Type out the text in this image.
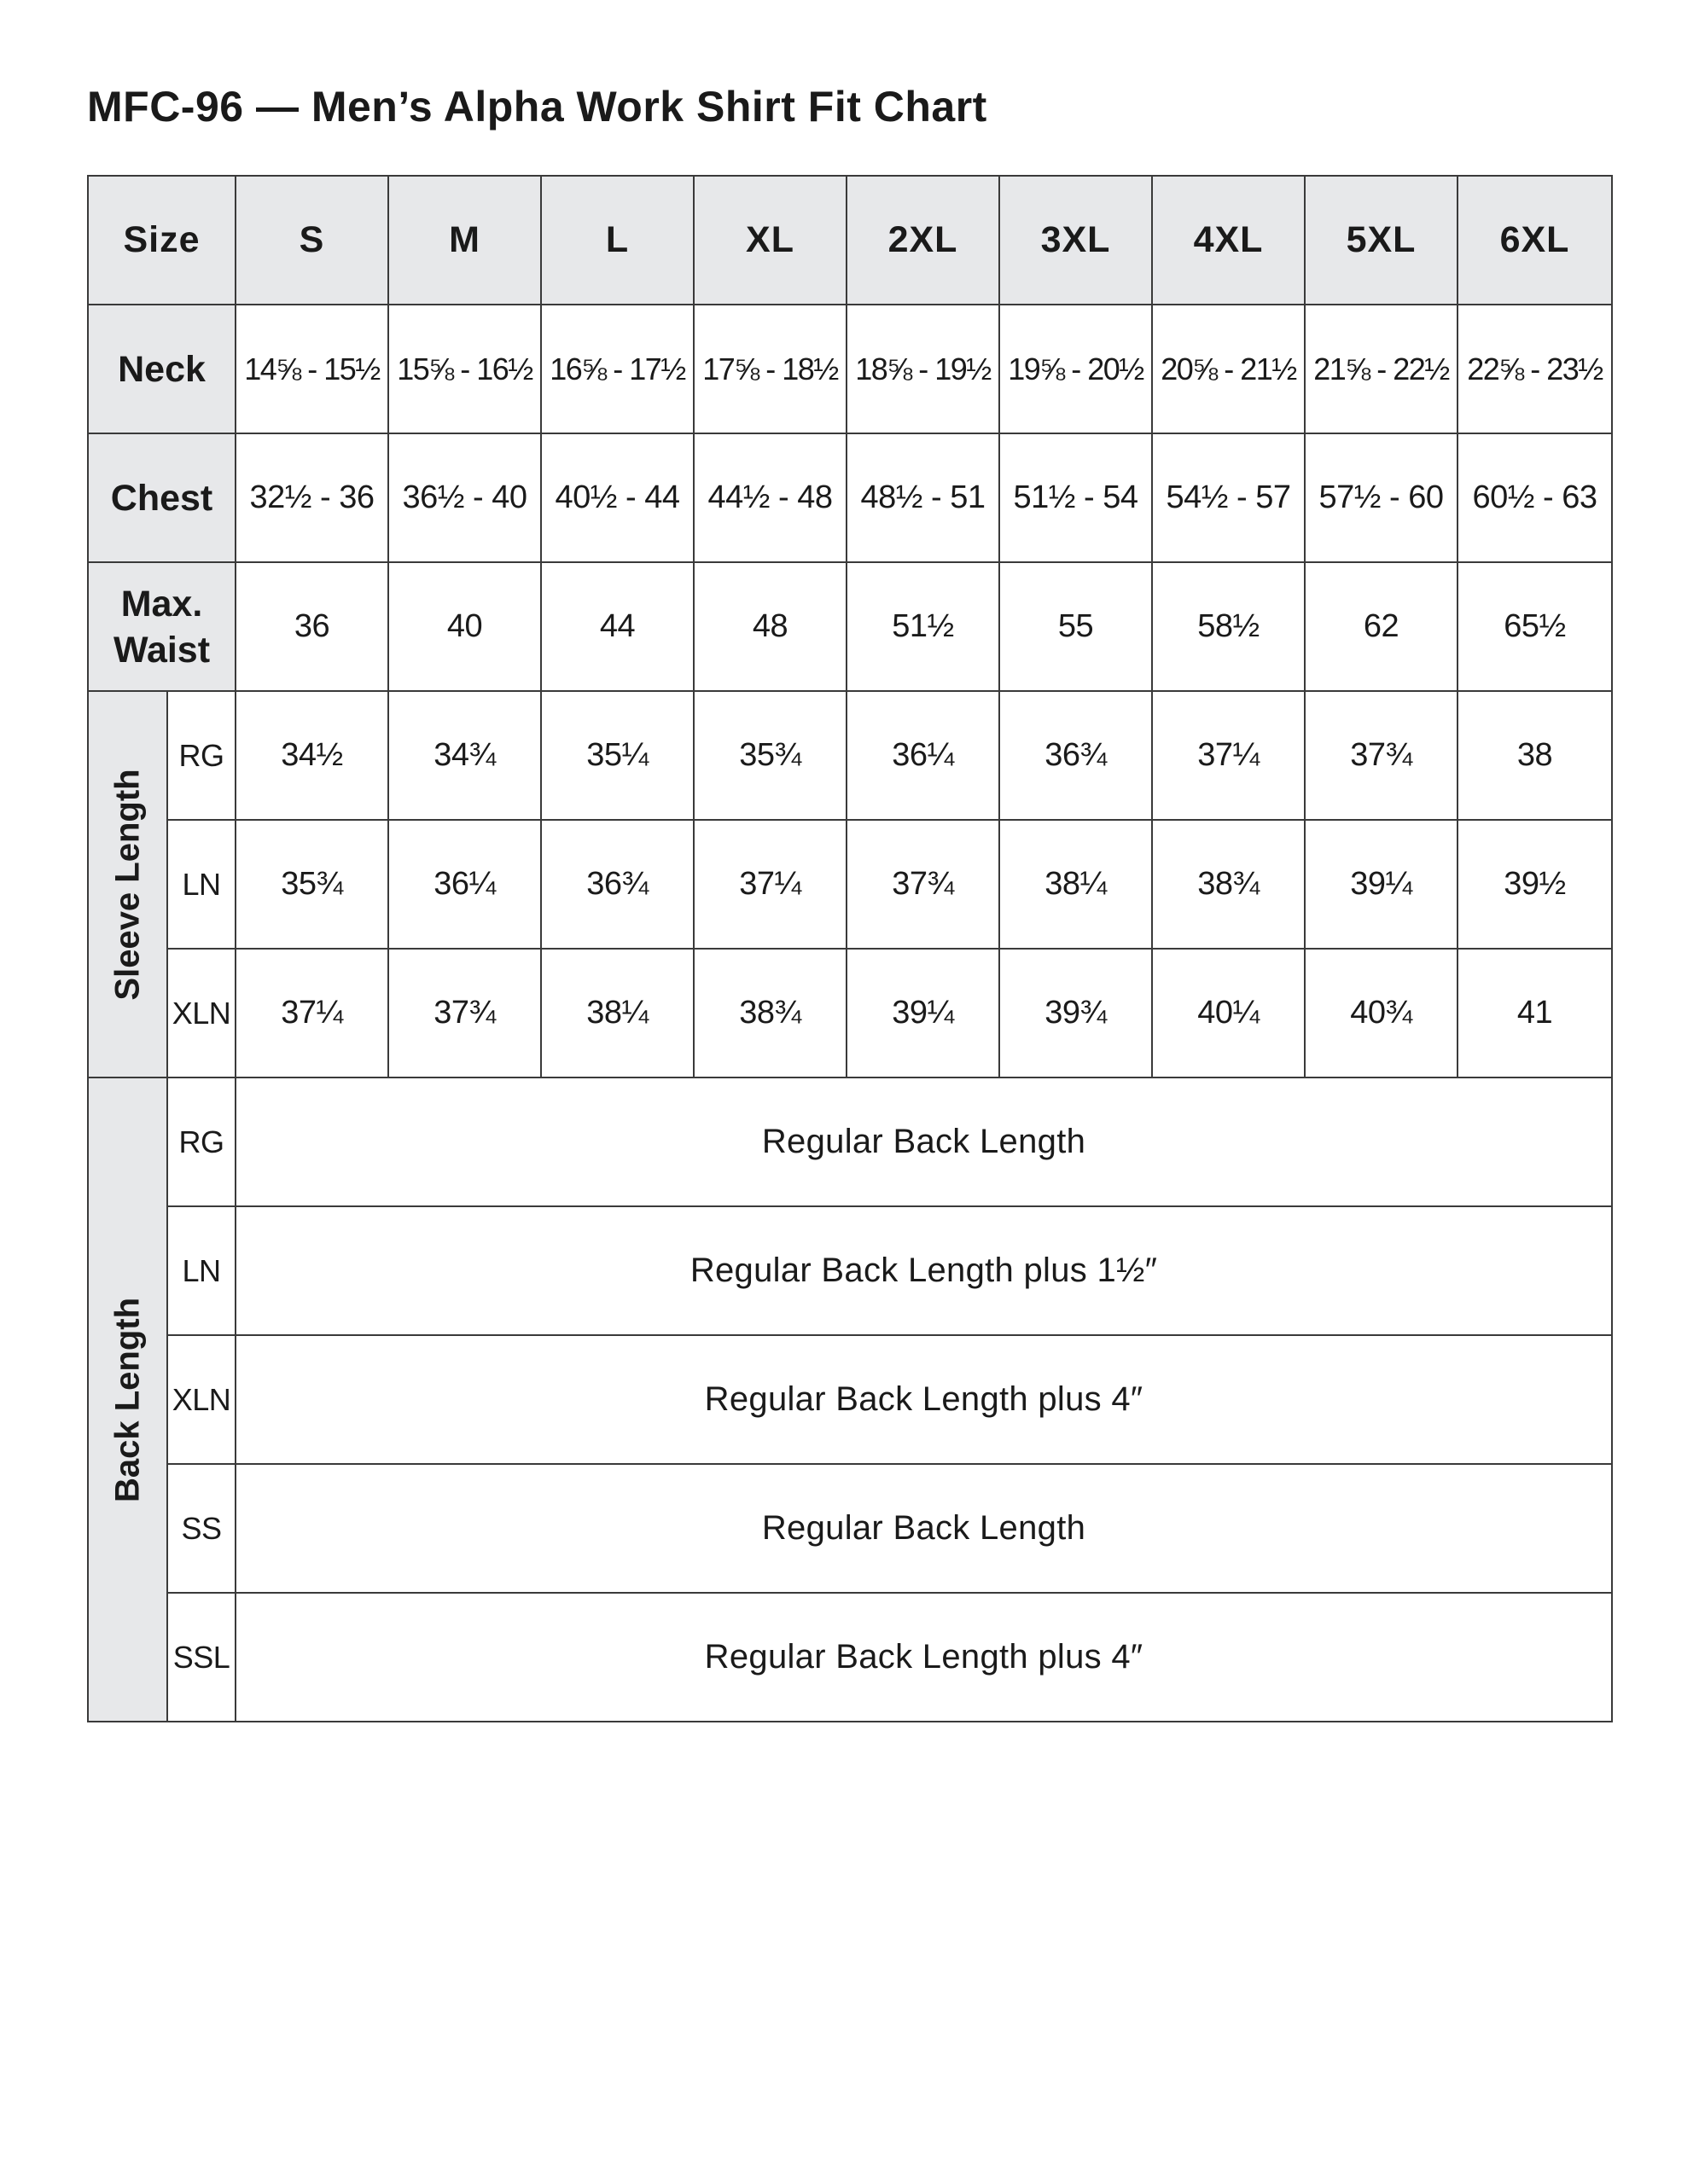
MFC-96 — Men’s Alpha Work Shirt Fit Chart
Size		S	M	L	XL	2XL	3XL	4XL	5XL	6XL
Neck		14⅝ - 15½	15⅝ - 16½	16⅝ - 17½	17⅝ - 18½	18⅝ - 19½	19⅝ - 20½	20⅝ - 21½	21⅝ - 22½	22⅝ - 23½
Chest		32½ - 36	36½ - 40	40½ - 44	44½ - 48	48½ - 51	51½ - 54	54½ - 57	57½ - 60	60½ - 63

Max.
Waist		36	40	44	48	51½	55	58½	62	65½

Sleeve Length	RG	34½	34¾	35¼	35¾	36¼	36¾	37¼	37¾	38
	LN	35¾	36¼	36¾	37¼	37¾	38¼	38¾	39¼	39½
	XLN	37¼	37¾	38¼	38¾	39¼	39¾	40¼	40¾	41

Back Length	RG	Regular Back Length								
	LN	Regular Back Length plus 1½″								
	XLN	Regular Back Length plus 4″								
	SS	Regular Back Length								
	SSL	Regular Back Length plus 4″								
